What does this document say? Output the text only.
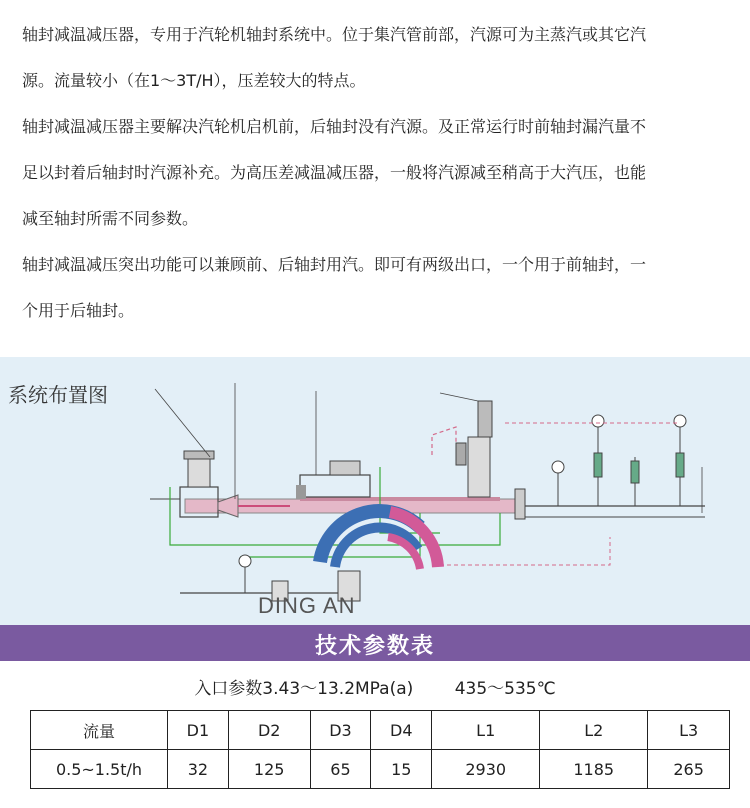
轴封减温减压器，专用于汽轮机轴封系统中。位于集汽管前部，汽源可为主蒸汽或其它汽

源。流量较小（在1～3T/H），压差较大的特点。

轴封减温减压器主要解决汽轮机启机前，后轴封没有汽源。及正常运行时前轴封漏汽量不

足以封着后轴封时汽源补充。为高压差减温减压器，一般将汽源减至稍高于大汽压，也能

减至轴封所需不同参数。

轴封减温减压突出功能可以兼顾前、后轴封用汽。即可有两级出口，一个用于前轴封，一

个用于后轴封。

系统布置图
DING AN
技术参数表
入口参数3.43～13.2MPa(a) 435～535℃
流量	D1	D2	D3	D4	L1	L2	L3
0.5~1.5t/h	32	125	65	15	2930	1185	265
